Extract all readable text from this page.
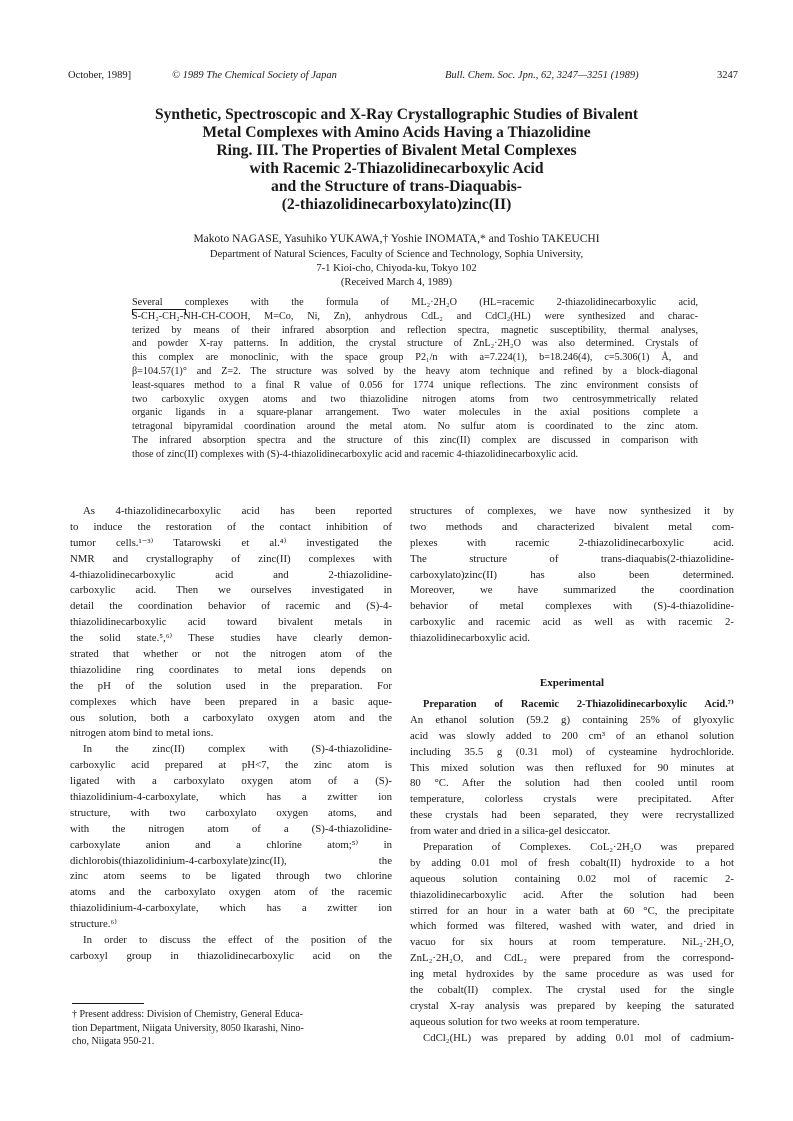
October, 1989]	© 1989 The Chemical Society of Japan	Bull. Chem. Soc. Jpn., 62, 3247—3251 (1989)	3247
Synthetic, Spectroscopic and X-Ray Crystallographic Studies of Bivalent
Metal Complexes with Amino Acids Having a Thiazolidine
Ring. III. The Properties of Bivalent Metal Complexes
with Racemic 2-Thiazolidinecarboxylic Acid
and the Structure of trans-Diaquabis-
(2-thiazolidinecarboxylato)zinc(II)
Makoto NAGASE, Yasuhiko YUKAWA,† Yoshie INOMATA,* and Toshio TAKEUCHI
Department of Natural Sciences, Faculty of Science and Technology, Sophia University,
7-1 Kioi-cho, Chiyoda-ku, Tokyo 102
(Received March 4, 1989)
Several complexes with the formula of ML₂·2H₂O (HL=racemic 2-thiazolidinecarboxylic acid,
S-CH₂-CH₂-NH-CH-COOH, M=Co, Ni, Zn), anhydrous CdL₂ and CdCl₂(HL) were synthesized and charac-
terized by means of their infrared absorption and reflection spectra, magnetic susceptibility, thermal analyses,
and powder X-ray patterns. In addition, the crystal structure of ZnL₂·2H₂O was also determined. Crystals of
this complex are monoclinic, with the space group P2₁/n with a=7.224(1), b=18.246(4), c=5.306(1) Å, and
β=104.57(1)° and Z=2. The structure was solved by the heavy atom technique and refined by a block-diagonal
least-squares method to a final R value of 0.056 for 1774 unique reflections. The zinc environment consists of
two carboxylic oxygen atoms and two thiazolidine nitrogen atoms from two centrosymmetrically related
organic ligands in a square-planar arrangement. Two water molecules in the axial positions complete a
tetragonal bipyramidal coordination around the metal atom. No sulfur atom is coordinated to the zinc atom.
The infrared absorption spectra and the structure of this zinc(II) complex are discussed in comparison with
those of zinc(II) complexes with (S)-4-thiazolidinecarboxylic acid and racemic 4-thiazolidinecarboxylic acid.
As 4-thiazolidinecarboxylic acid has been reported
to induce the restoration of the contact inhibition of
tumor cells.¹⁻³⁾ Tatarowski et al.⁴⁾ investigated the
NMR and crystallography of zinc(II) complexes with
4-thiazolidinecarboxylic acid and 2-thiazolidine-
carboxylic acid. Then we ourselves investigated in
detail the coordination behavior of racemic and (S)-4-
thiazolidinecarboxylic acid toward bivalent metals in
the solid state.⁵,⁶⁾ These studies have clearly demon-
strated that whether or not the nitrogen atom of the
thiazolidine ring coordinates to metal ions depends on
the pH of the solution used in the preparation. For
complexes which have been prepared in a basic aque-
ous solution, both a carboxylato oxygen atom and the
nitrogen atom bind to metal ions.
In the zinc(II) complex with (S)-4-thiazolidine-
carboxylic acid prepared at pH<7, the zinc atom is
ligated with a carboxylato oxygen atom of a (S)-
thiazolidinium-4-carboxylate, which has a zwitter ion
structure, with two carboxylato oxygen atoms, and
with the nitrogen atom of a (S)-4-thiazolidine-
carboxylate anion and a chlorine atom;⁵⁾ in
dichlorobis(thiazolidinium-4-carboxylate)zinc(II), the
zinc atom seems to be ligated through two chlorine
atoms and the carboxylato oxygen atom of the racemic
thiazolidinium-4-carboxylate, which has a zwitter ion
structure.⁶⁾
In order to discuss the effect of the position of the
carboxyl group in thiazolidinecarboxylic acid on the
structures of complexes, we have now synthesized it by
two methods and characterized bivalent metal com-
plexes with racemic 2-thiazolidinecarboxylic acid.
The structure of trans-diaquabis(2-thiazolidine-
carboxylato)zinc(II) has also been determined.
Moreover, we have summarized the coordination
behavior of metal complexes with (S)-4-thiazolidine-
carboxylic and racemic acid as well as with racemic 2-
thiazolidinecarboxylic acid.
Experimental
Preparation of Racemic 2-Thiazolidinecarboxylic Acid.⁷⁾
An ethanol solution (59.2 g) containing 25% of glyoxylic
acid was slowly added to 200 cm³ of an ethanol solution
including 35.5 g (0.31 mol) of cysteamine hydrochloride.
This mixed solution was then refluxed for 90 minutes at
80 °C. After the solution had then cooled until room
temperature, colorless crystals were precipitated. After
these crystals had been separated, they were recrystallized
from water and dried in a silica-gel desiccator.
Preparation of Complexes. CoL₂·2H₂O was prepared
by adding 0.01 mol of fresh cobalt(II) hydroxide to a hot
aqueous solution containing 0.02 mol of racemic 2-
thiazolidinecarboxylic acid. After the solution had been
stirred for an hour in a water bath at 60 °C, the precipitate
which formed was filtered, washed with water, and dried in
vacuo for six hours at room temperature. NiL₂·2H₂O,
ZnL₂·2H₂O, and CdL₂ were prepared from the correspond-
ing metal hydroxides by the same procedure as was used for
the cobalt(II) complex. The crystal used for the single
crystal X-ray analysis was prepared by keeping the saturated
aqueous solution for two weeks at room temperature.
CdCl₂(HL) was prepared by adding 0.01 mol of cadmium-
† Present address: Division of Chemistry, General Educa-
tion Department, Niigata University, 8050 Ikarashi, Nino-
cho, Niigata 950-21.
